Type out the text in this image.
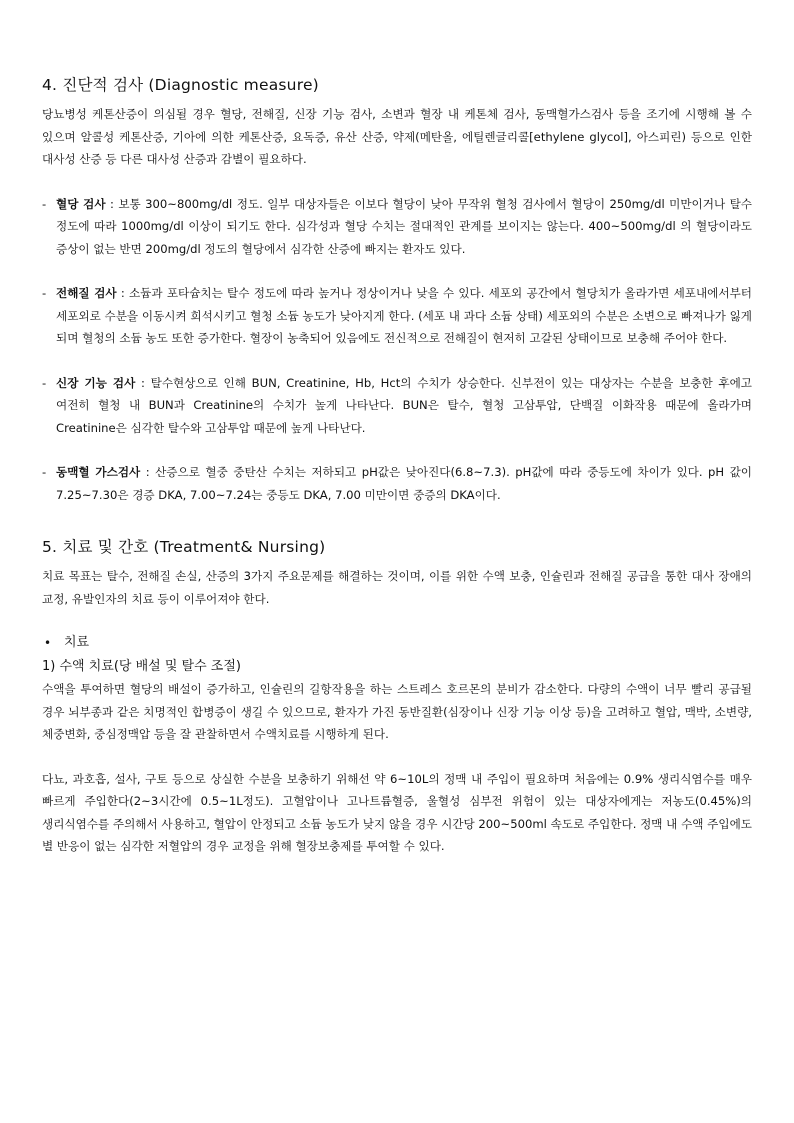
4. 진단적 검사 (Diagnostic measure)

당뇨병성 케톤산증이 의심될 경우 혈당, 전해질, 신장 기능 검사, 소변과 혈장 내 케톤체 검사, 동맥혈가스검사 등을 조기에 시행해 볼 수 있으며 알콜성 케톤산증, 기아에 의한 케톤산증, 요독증, 유산 산증, 약제(메탄올, 에틸렌글리콜[ethylene glycol], 아스피린) 등으로 인한 대사성 산증 등 다른 대사성 산증과 감별이 필요하다.

- 혈당 검사 : 보통 300~800mg/dl 정도. 일부 대상자들은 이보다 혈당이 낮아 무작위 혈청 검사에서 혈당이 250mg/dl 미만이거나 탈수 정도에 따라 1000mg/dl 이상이 되기도 한다. 심각성과 혈당 수치는 절대적인 관계를 보이지는 않는다. 400~500mg/dl 의 혈당이라도 증상이 없는 반면 200mg/dl 정도의 혈당에서 심각한 산증에 빠지는 환자도 있다.
- 전해질 검사 : 소듐과 포타슘치는 탈수 정도에 따라 높거나 정상이거나 낮을 수 있다. 세포외 공간에서 혈당치가 올라가면 세포내에서부터 세포외로 수분을 이동시켜 희석시키고 혈청 소듐 농도가 낮아지게 한다. (세포 내 과다 소듐 상태) 세포외의 수분은 소변으로 빠져나가 잃게 되며 혈청의 소듐 농도 또한 증가한다. 혈장이 농축되어 있음에도 전신적으로 전해질이 현저히 고갈된 상태이므로 보충해 주어야 한다.
- 신장 기능 검사 : 탈수현상으로 인해 BUN, Creatinine, Hb, Hct의 수치가 상승한다. 신부전이 있는 대상자는 수분을 보충한 후에고 여전히 혈청 내 BUN과 Creatinine의 수치가 높게 나타난다. BUN은 탈수, 혈청 고삼투압, 단백질 이화작용 때문에 올라가며 Creatinine은 심각한 탈수와 고삼투압 때문에 높게 나타난다.
- 동맥혈 가스검사 : 산증으로 혈중 중탄산 수치는 저하되고 pH값은 낮아진다(6.8~7.3). pH값에 따라 중등도에 차이가 있다. pH 값이 7.25~7.30은 경증 DKA, 7.00~7.24는 중등도 DKA, 7.00 미만이면 중증의 DKA이다.
5. 치료 및 간호 (Treatment& Nursing)

치료 목표는 탈수, 전해질 손실, 산증의 3가지 주요문제를 해결하는 것이며, 이를 위한 수액 보충, 인슐린과 전해질 공급을 통한 대사 장애의 교정, 유발인자의 치료 등이 이루어져야 한다.

• 치료
1) 수액 치료(당 배설 및 탈수 조절)

수액을 투여하면 혈당의 배설이 증가하고, 인슐린의 길항작용을 하는 스트레스 호르몬의 분비가 감소한다. 다량의 수액이 너무 빨리 공급될 경우 뇌부종과 같은 치명적인 합병증이 생길 수 있으므로, 환자가 가진 동반질환(심장이나 신장 기능 이상 등)을 고려하고 혈압, 맥박, 소변량, 체중변화, 중심정맥압 등을 잘 관찰하면서 수액치료를 시행하게 된다.

다뇨, 과호흡, 설사, 구토 등으로 상실한 수분을 보충하기 위해선 약 6~10L의 정맥 내 주입이 필요하며 처음에는 0.9% 생리식염수를 매우 빠르게 주입한다(2~3시간에 0.5~1L정도). 고혈압이나 고나트륨혈증, 울혈성 심부전 위험이 있는 대상자에게는 저농도(0.45%)의 생리식염수를 주의해서 사용하고, 혈압이 안정되고 소듐 농도가 낮지 않을 경우 시간당 200~500ml 속도로 주입한다. 정맥 내 수액 주입에도 별 반응이 없는 심각한 저혈압의 경우 교정을 위해 혈장보충제를 투여할 수 있다.
